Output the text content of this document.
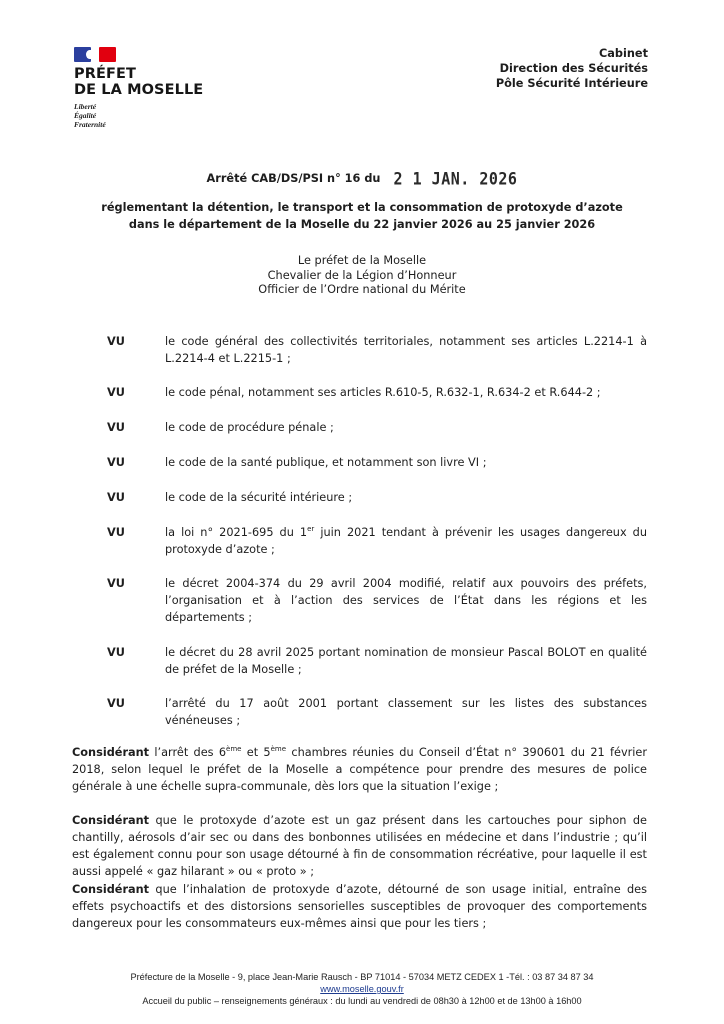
PRÉFET
DE LA MOSELLE
Liberté
Égalité
Fraternité
Cabinet
Direction des Sécurités
Pôle Sécurité Intérieure
Arrêté CAB/DS/PSI n° 16 du 2 1 JAN. 2026
réglementant la détention, le transport et la consommation de protoxyde d’azote
dans le département de la Moselle du 22 janvier 2026 au 25 janvier 2026
Le préfet de la Moselle
Chevalier de la Légion d’Honneur
Officier de l’Ordre national du Mérite
VU	le code général des collectivités territoriales, notamment ses articles L.2214-1 à L.2214-4 et L.2215-1 ;
VU	le code pénal, notamment ses articles R.610-5, R.632-1, R.634-2 et R.644-2 ;
VU	le code de procédure pénale ;
VU	le code de la santé publique, et notamment son livre VI ;
VU	le code de la sécurité intérieure ;
VU	la loi n° 2021-695 du 1er juin 2021 tendant à prévenir les usages dangereux du protoxyde d’azote ;
VU	le décret 2004-374 du 29 avril 2004 modifié, relatif aux pouvoirs des préfets, l’organisation et à l’action des services de l’État dans les régions et les départements ;
VU	le décret du 28 avril 2025 portant nomination de monsieur Pascal BOLOT en qualité de préfet de la Moselle ;
VU	l’arrêté du 17 août 2001 portant classement sur les listes des substances vénéneuses ;
Considérant l’arrêt des 6ème et 5ème chambres réunies du Conseil d’État n° 390601 du 21 février 2018, selon lequel le préfet de la Moselle a compétence pour prendre des mesures de police générale à une échelle supra-communale, dès lors que la situation l’exige ;
Considérant que le protoxyde d’azote est un gaz présent dans les cartouches pour siphon de chantilly, aérosols d’air sec ou dans des bonbonnes utilisées en médecine et dans l’industrie ; qu’il est également connu pour son usage détourné à fin de consommation récréative, pour laquelle il est aussi appelé « gaz hilarant » ou « proto » ;
Considérant que l’inhalation de protoxyde d’azote, détourné de son usage initial, entraîne des effets psychoactifs et des distorsions sensorielles susceptibles de provoquer des comportements dangereux pour les consommateurs eux-mêmes ainsi que pour les tiers ;
Préfecture de la Moselle - 9, place Jean-Marie Rausch - BP 71014 - 57034 METZ CEDEX 1 -Tél. : 03 87 34 87 34
www.moselle.gouv.fr
Accueil du public – renseignements généraux : du lundi au vendredi de 08h30 à 12h00 et de 13h00 à 16h00
